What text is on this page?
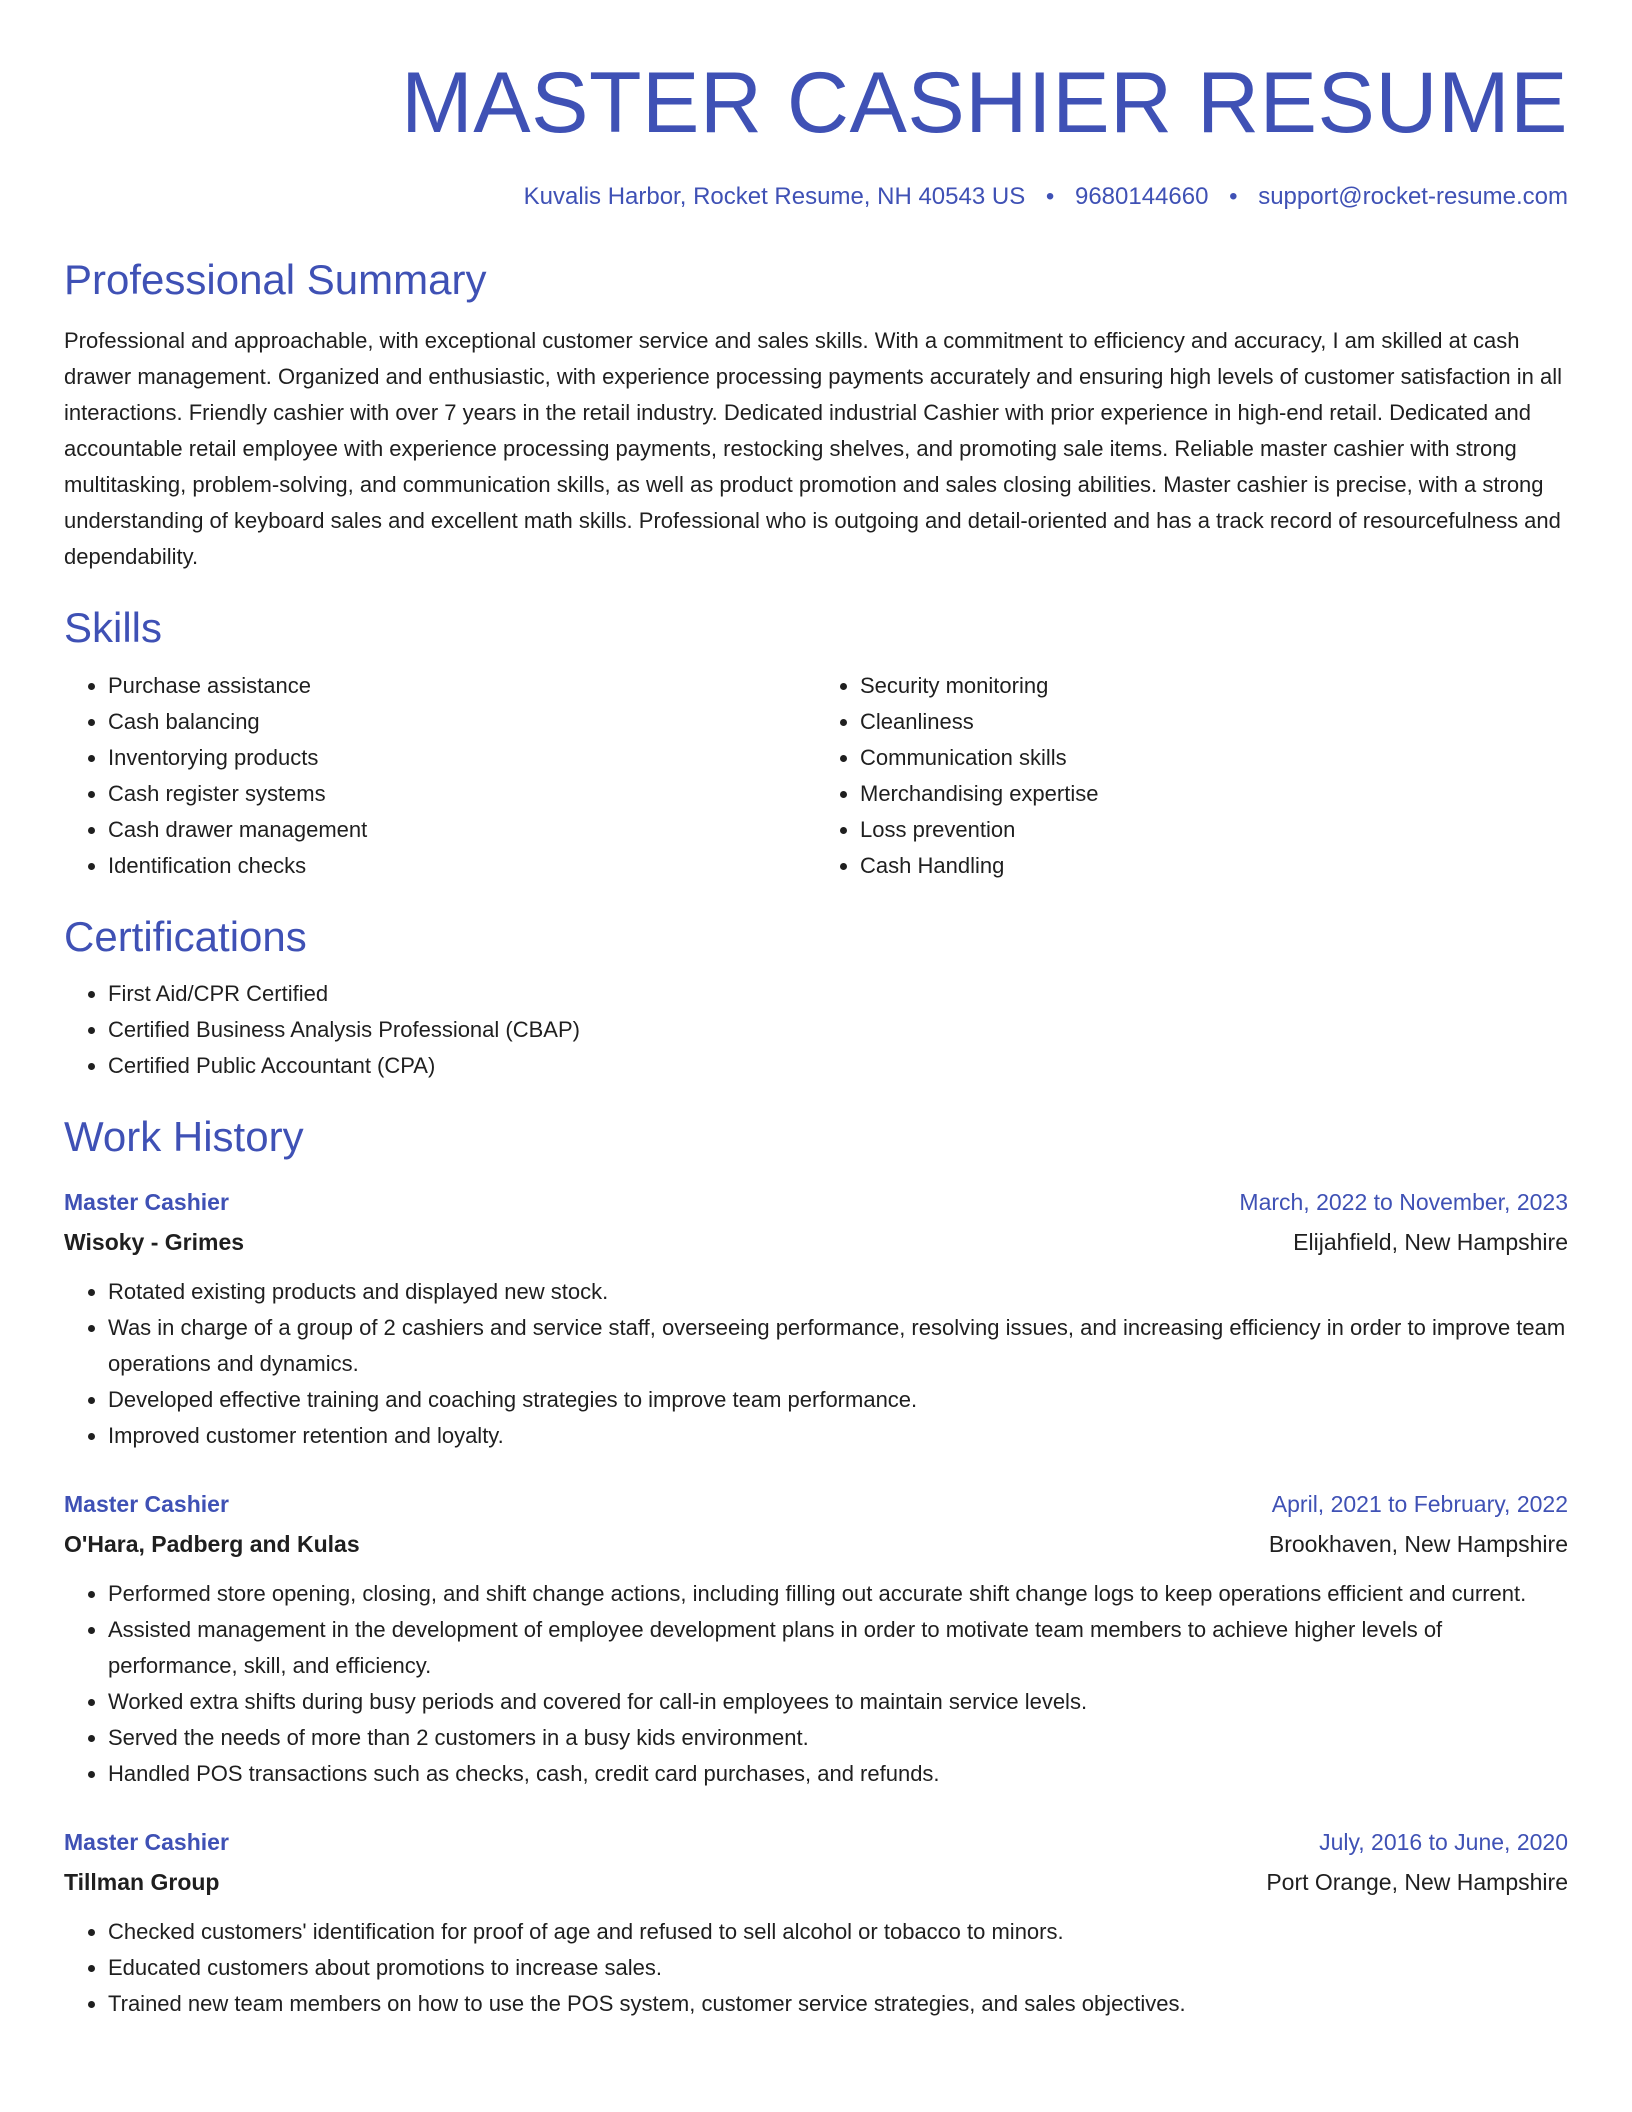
MASTER CASHIER RESUME
Kuvalis Harbor, Rocket Resume, NH 40543 US • 9680144660 • support@rocket-resume.com
Professional Summary

Professional and approachable, with exceptional customer service and sales skills. With a commitment to efficiency and accuracy, I am skilled at cash drawer management. Organized and enthusiastic, with experience processing payments accurately and ensuring high levels of customer satisfaction in all interactions. Friendly cashier with over 7 years in the retail industry. Dedicated industrial Cashier with prior experience in high-end retail. Dedicated and accountable retail employee with experience processing payments, restocking shelves, and promoting sale items. Reliable master cashier with strong multitasking, problem-solving, and communication skills, as well as product promotion and sales closing abilities. Master cashier is precise, with a strong understanding of keyboard sales and excellent math skills. Professional who is outgoing and detail-oriented and has a track record of resourcefulness and dependability.

Skills
• Purchase assistance
• Cash balancing
• Inventorying products
• Cash register systems
• Cash drawer management
• Identification checks
• Security monitoring
• Cleanliness
• Communication skills
• Merchandising expertise
• Loss prevention
• Cash Handling
Certifications
• First Aid/CPR Certified
• Certified Business Analysis Professional (CBAP)
• Certified Public Accountant (CPA)
Work History
Master Cashier	March, 2022 to November, 2023
Wisoky - Grimes	Elijahfield, New Hampshire
• Rotated existing products and displayed new stock.
• Was in charge of a group of 2 cashiers and service staff, overseeing performance, resolving issues, and increasing efficiency in order to improve team operations and dynamics.
• Developed effective training and coaching strategies to improve team performance.
• Improved customer retention and loyalty.
Master Cashier	April, 2021 to February, 2022
O'Hara, Padberg and Kulas	Brookhaven, New Hampshire
• Performed store opening, closing, and shift change actions, including filling out accurate shift change logs to keep operations efficient and current.
• Assisted management in the development of employee development plans in order to motivate team members to achieve higher levels of performance, skill, and efficiency.
• Worked extra shifts during busy periods and covered for call-in employees to maintain service levels.
• Served the needs of more than 2 customers in a busy kids environment.
• Handled POS transactions such as checks, cash, credit card purchases, and refunds.
Master Cashier	July, 2016 to June, 2020
Tillman Group	Port Orange, New Hampshire
• Checked customers' identification for proof of age and refused to sell alcohol or tobacco to minors.
• Educated customers about promotions to increase sales.
• Trained new team members on how to use the POS system, customer service strategies, and sales objectives.
